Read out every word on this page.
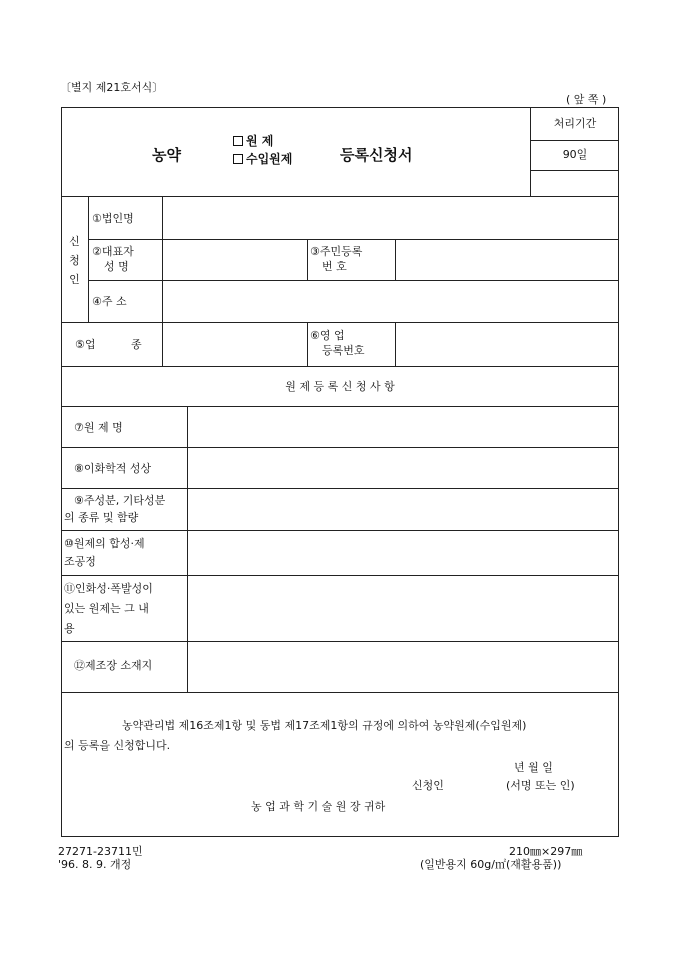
〔별지 제21호서식〕
( 앞 쪽 )
농약
원 제
수입원제	등록신청서
처리기간
90일
신
청
인
①법인명
②대표자
성 명
③주민등록
번 호
④주 소
⑤업	종
⑥영 업
등록번호
원 제 등 록 신 청 사 항
⑦원 제 명
⑧이화학적 성상
⑨주성분, 기타성분
의 종류 및 함량
⑩원제의 합성·제
조공정
⑪인화성·폭발성이
있는 원제는 그 내
용
⑫제조장 소재지
농약관리법 제16조제1항 및 동법 제17조제1항의 규정에 의하여 농약원제(수입원제)
의 등록을 신청합니다.
년 월 일
신청인	(서명 또는 인)
농 업 과 학 기 술 원 장 귀하
27271-23711민
'96. 8. 9. 개정
210㎜×297㎜
(일반용지 60g/㎡(재활용품))
